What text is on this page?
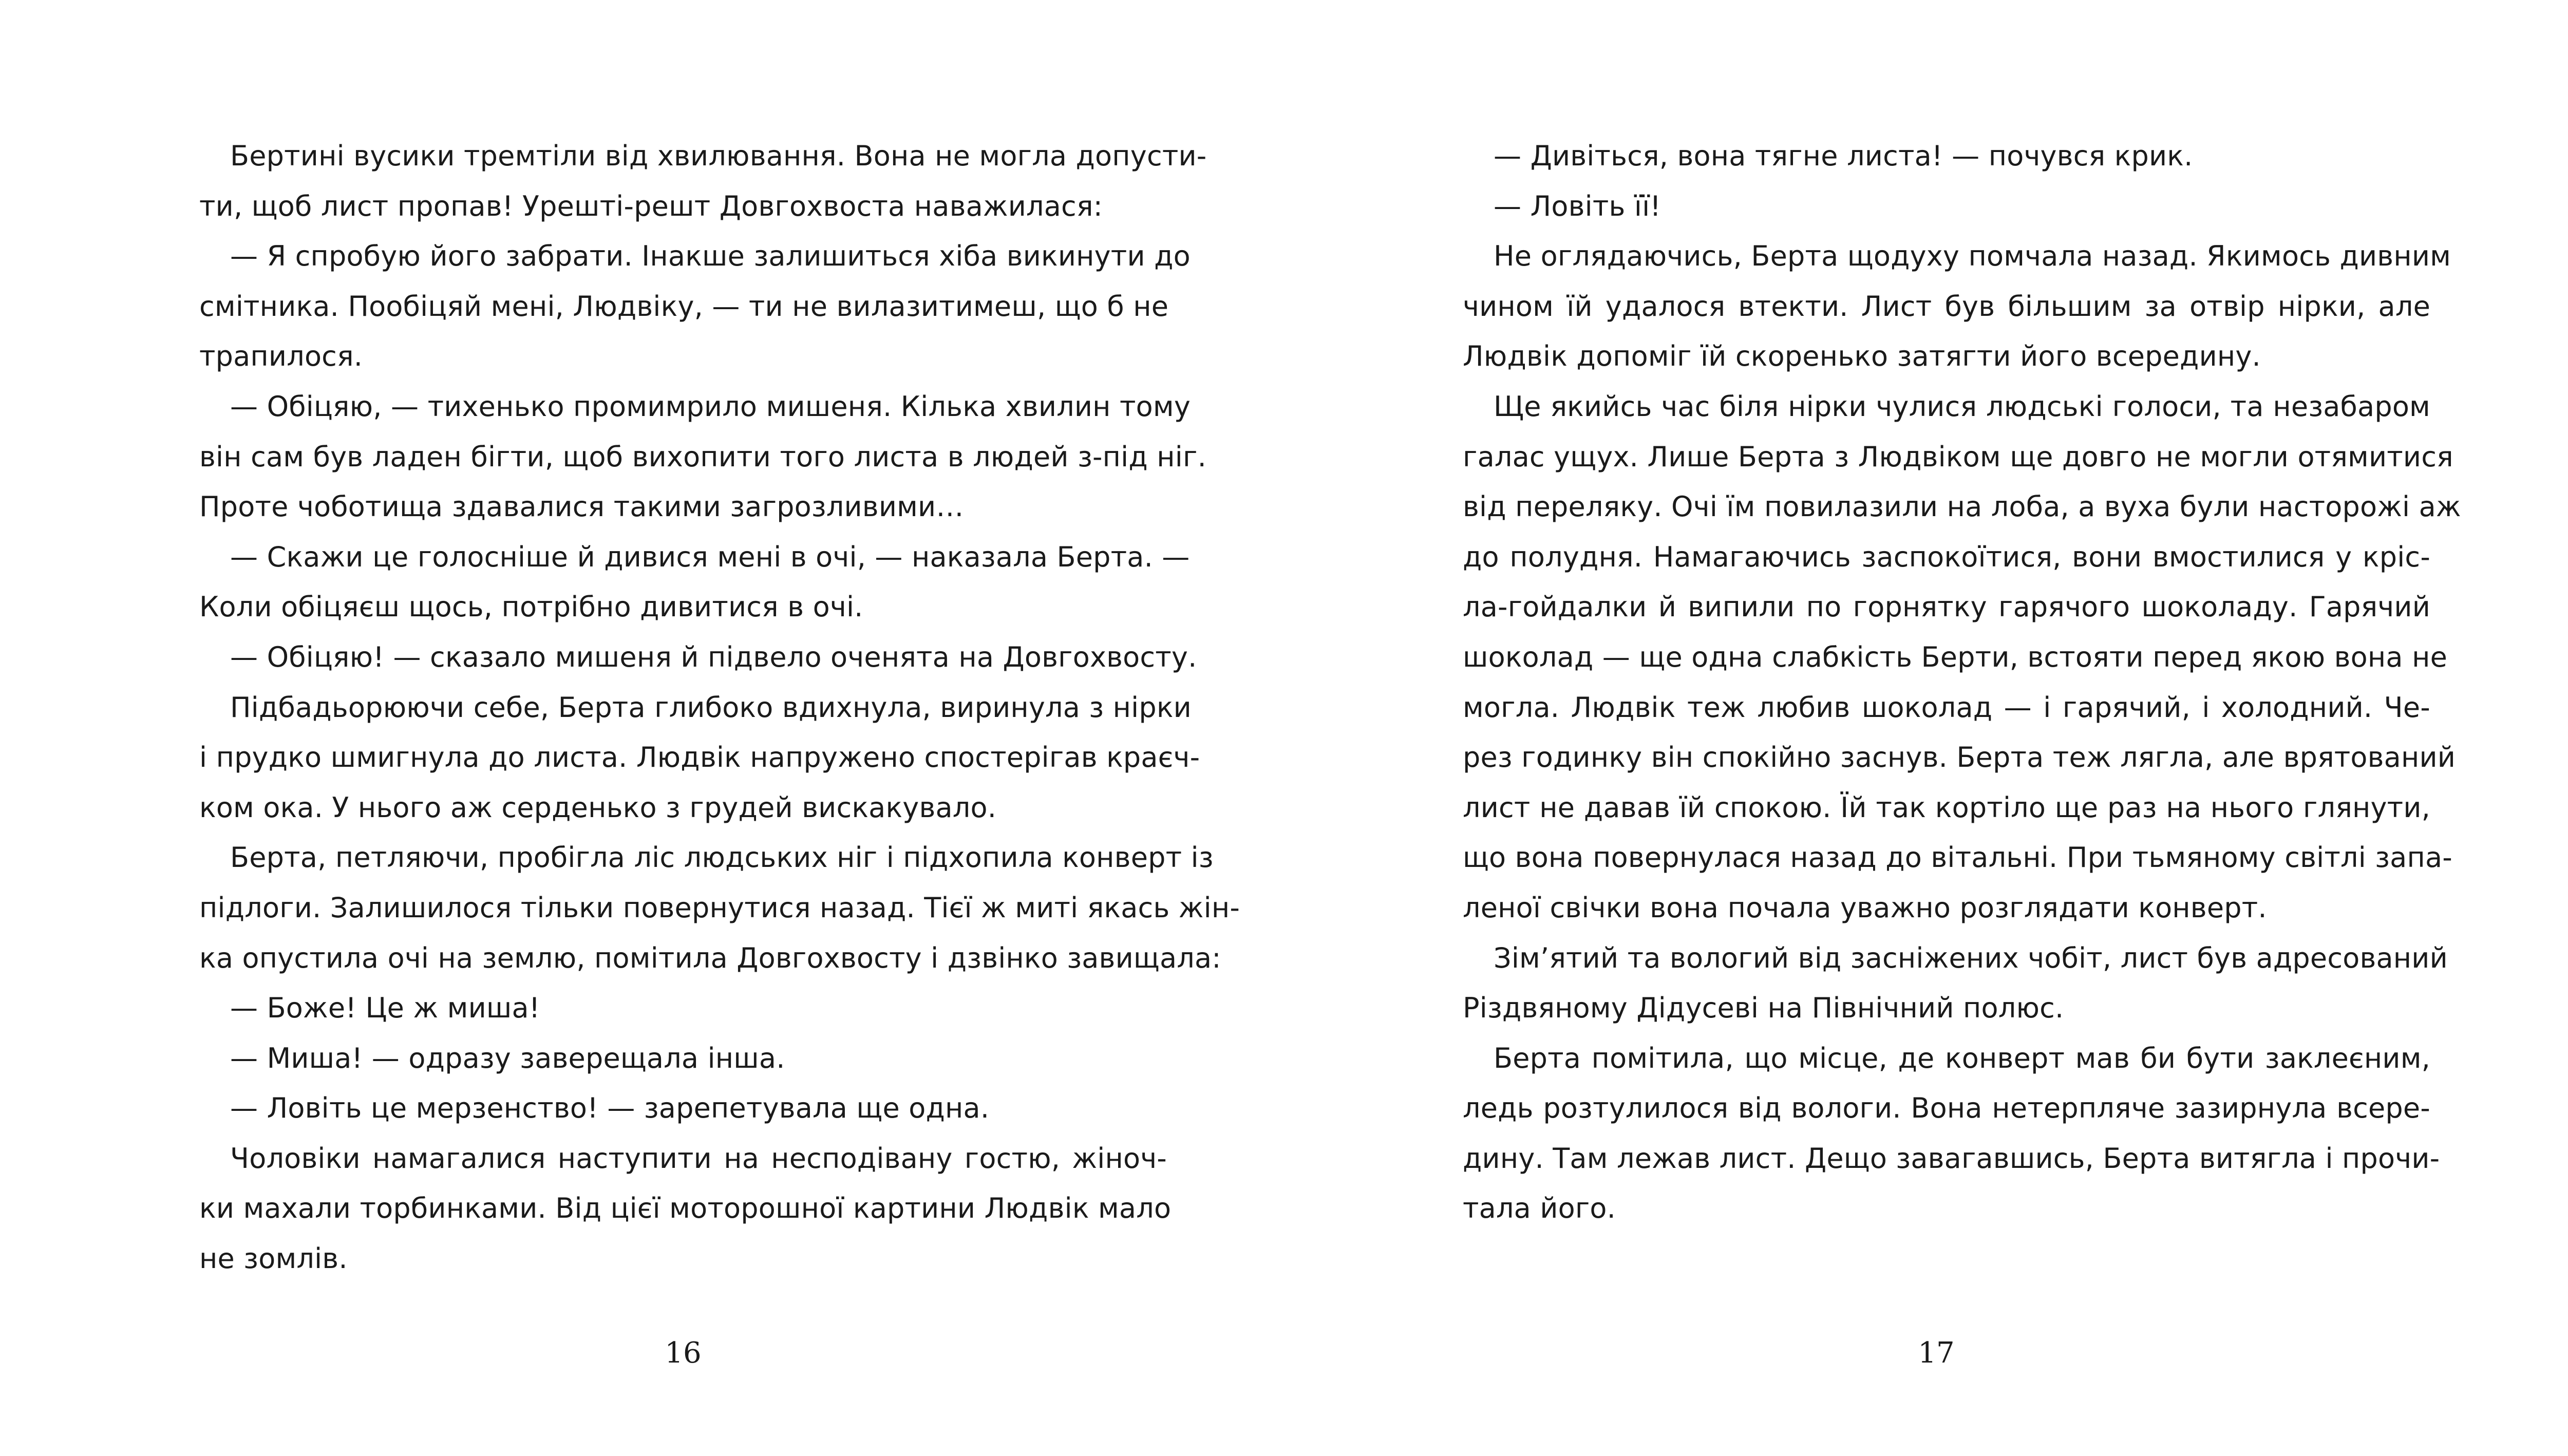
Бертині вусики тремтіли від хвилювання. Вона не могла допусти-
ти, щоб лист пропав! Урешті-решт Довгохвоста наважилася:
— Я спробую його забрати. Інакше залишиться хіба викинути до
смітника. Пообіцяй мені, Людвіку, — ти не вилазитимеш, що б не
трапилося.
— Обіцяю, — тихенько промимрило мишеня. Кілька хвилин тому
він сам був ладен бігти, щоб вихопити того листа в людей з-під ніг.
Проте чоботища здавалися такими загрозливими…
— Скажи це голосніше й дивися мені в очі, — наказала Берта. —
Коли обіцяєш щось, потрібно дивитися в очі.
— Обіцяю! — сказало мишеня й підвело оченята на Довгохвосту.
Підбадьорюючи себе, Берта глибоко вдихнула, виринула з нірки
і прудко шмигнула до листа. Людвік напружено спостерігав краєч-
ком ока. У нього аж серденько з грудей вискакувало.
Берта, петляючи, пробігла ліс людських ніг і підхопила конверт із
підлоги. Залишилося тільки повернутися назад. Тієї ж миті якась жін-
ка опустила очі на землю, помітила Довгохвосту і дзвінко завищала:
— Боже! Це ж миша!
— Миша! — одразу заверещала інша.
— Ловіть це мерзенство! — зарепетувала ще одна.
Чоловіки намагалися наступити на несподівану гостю, жіноч-
ки махали торбинками. Від цієї моторошної картини Людвік мало
не зомлів.
16
— Дивіться, вона тягне листа! — почувся крик.
— Ловіть її!
Не оглядаючись, Берта щодуху помчала назад. Якимось дивним
чином їй удалося втекти. Лист був більшим за отвір нірки, але
Людвік допоміг їй скоренько затягти його всередину.
Ще якийсь час біля нірки чулися людські голоси, та незабаром
галас ущух. Лише Берта з Людвіком ще довго не могли отямитися
від переляку. Очі їм повилазили на лоба, а вуха були насторожі аж
до полудня. Намагаючись заспокоїтися, вони вмостилися у кріс-
ла-гойдалки й випили по горнятку гарячого шоколаду. Гарячий
шоколад — ще одна слабкість Берти, встояти перед якою вона не
могла. Людвік теж любив шоколад — і гарячий, і холодний. Че-
рез годинку він спокійно заснув. Берта теж лягла, але врятований
лист не давав їй спокою. Їй так кортіло ще раз на нього глянути,
що вона повернулася назад до вітальні. При тьмяному світлі запа-
леної свічки вона почала уважно розглядати конверт.
Зім’ятий та вологий від засніжених чобіт, лист був адресований
Різдвяному Дідусеві на Північний полюс.
Берта помітила, що місце, де конверт мав би бути заклеєним,
ледь розтулилося від вологи. Вона нетерпляче зазирнула всере-
дину. Там лежав лист. Дещо завагавшись, Берта витягла і прочи-
тала його.
17
